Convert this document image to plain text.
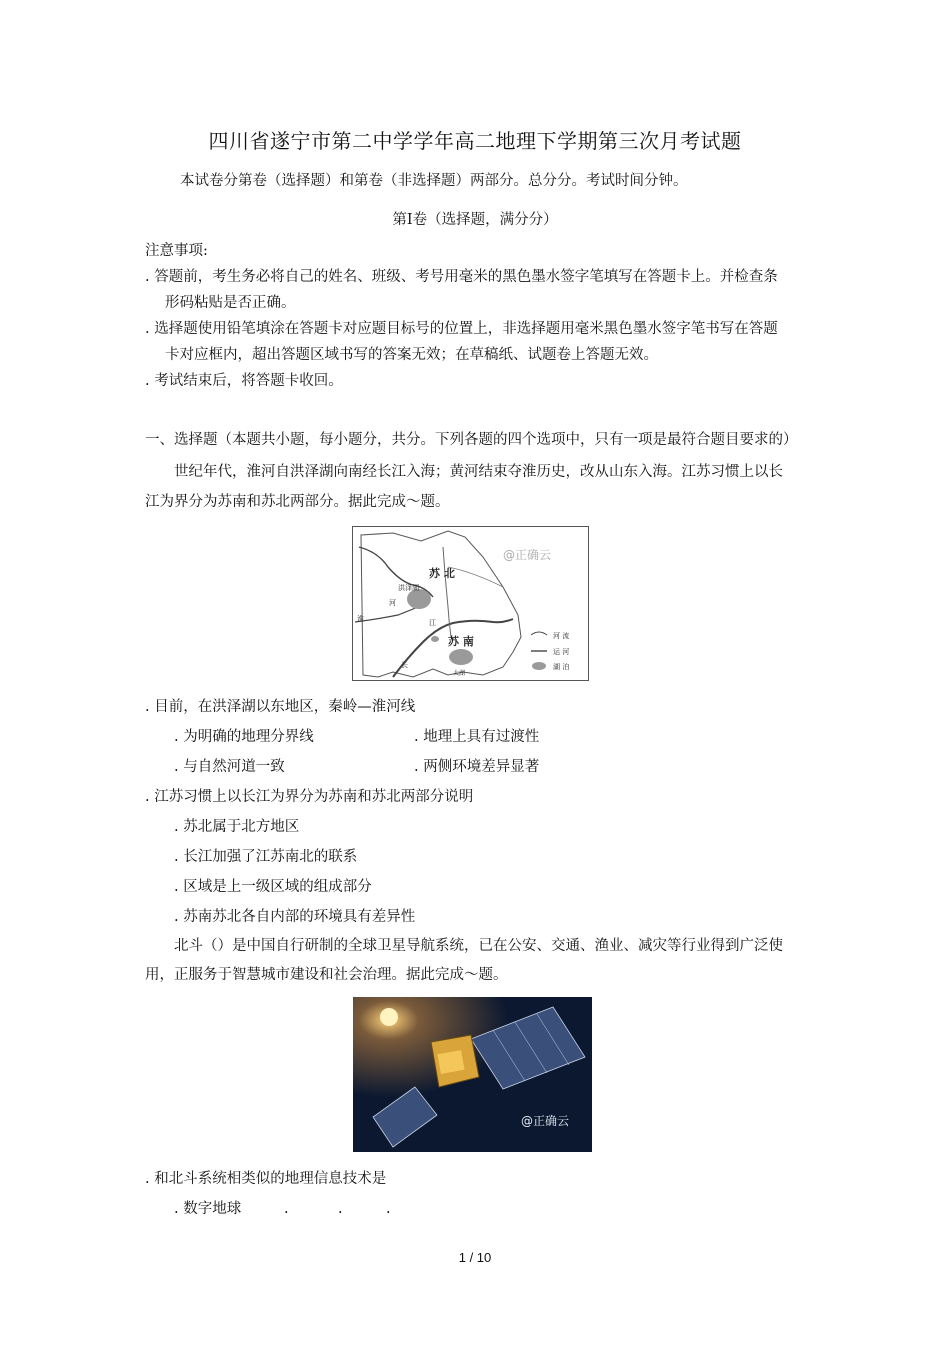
四川省遂宁市第二中学学年高二地理下学期第三次月考试题
本试卷分第卷（选择题）和第卷（非选择题）两部分。总分分。考试时间分钟。
第Ⅰ卷（选择题，满分分）
注意事项:
. 答题前，考生务必将自己的姓名、班级、考号用毫米的黑色墨水签字笔填写在答题卡上。并检查条
形码粘贴是否正确。
. 选择题使用铅笔填涂在答题卡对应题目标号的位置上，非选择题用毫米黑色墨水签字笔书写在答题
卡对应框内，超出答题区域书写的答案无效；在草稿纸、试题卷上答题无效。
. 考试结束后，将答题卡收回。
一、选择题（本题共小题，每小题分，共分。下列各题的四个选项中，只有一项是最符合题目要求的）
世纪年代，淮河自洪泽湖向南经长江入海；黄河结束夺淮历史，改从山东入海。江苏习惯上以长
江为界分为苏南和苏北两部分。据此完成～题。
@正确云
苏 北
苏 南
洪泽湖
河
淮	江
长
太湖
河 流
运 河
湖 泊
. 目前，在洪泽湖以东地区，秦岭—淮河线
. 为明确的地理分界线	. 地理上具有过渡性
. 与自然河道一致	. 两侧环境差异显著
. 江苏习惯上以长江为界分为苏南和苏北两部分说明
. 苏北属于北方地区
. 长江加强了江苏南北的联系
. 区域是上一级区域的组成部分
. 苏南苏北各自内部的环境具有差异性
北斗（）是中国自行研制的全球卫星导航系统，已在公安、交通、渔业、减灾等行业得到广泛使
用，正服务于智慧城市建设和社会治理。据此完成～题。
@正确云
. 和北斗系统相类似的地理信息技术是
. 数字地球	.	.	.
1 / 10
